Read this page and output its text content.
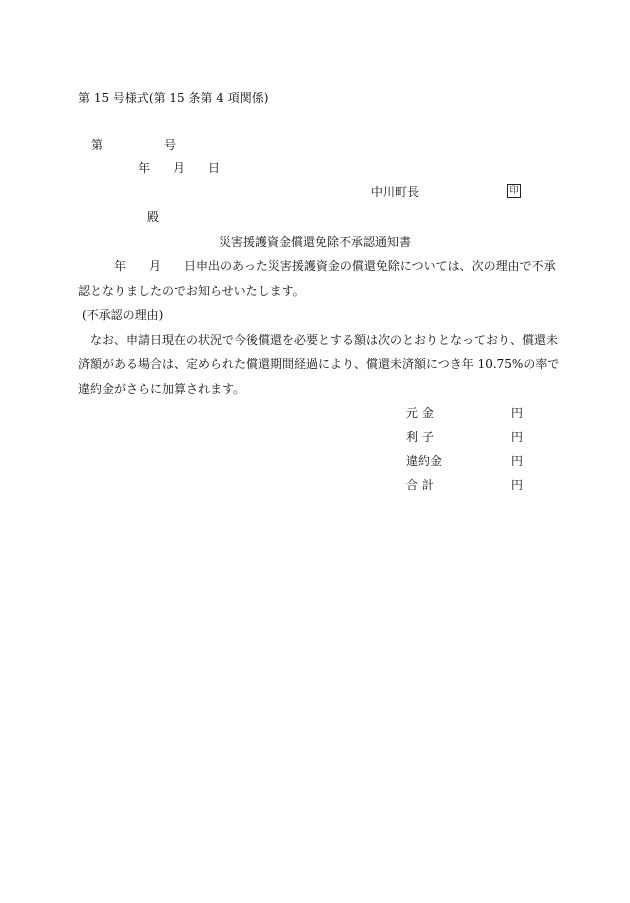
第 15 号様式(第 15 条第 4 項関係)
第	号
年 月 日
中川町長	印
殿
災害援護資金償還免除不承認通知書
年 月 日申出のあった災害援護資金の償還免除については、次の理由で不承
認となりましたのでお知らせいたします。
(不承認の理由)
なお、申請日現在の状況で今後償還を必要とする額は次のとおりとなっており、償還未
済額がある場合は、定められた償還期間経過により、償還未済額につき年 10.75%の率で
違約金がさらに加算されます。
元 金	円
利 子	円
違約金	円
合 計	円
